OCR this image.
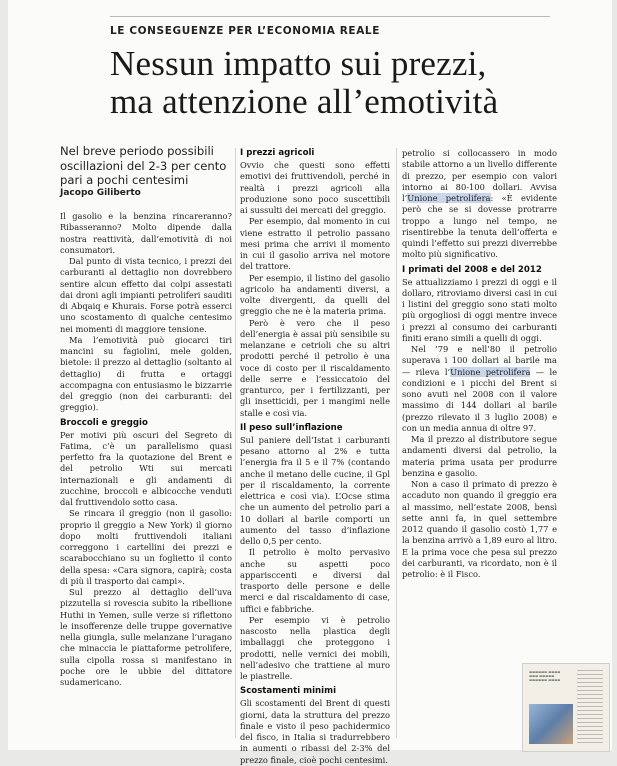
LE CONSEGUENZE PER L’ECONOMIA REALE
Nessun impatto sui prezzi,
ma attenzione all’emotività
Nel breve periodo possibili oscillazioni del 2-3 per cento pari a pochi centesimi
Jacopo Giliberto

Il gasolio e la benzina rincareranno? Ribasseranno? Molto dipende dalla nostra reattività, dall’emotività di noi consumatori.

Dal punto di vista tecnico, i prezzi dei carburanti al dettaglio non dovrebbero sentire alcun effetto dai colpi assestati dai droni agli impianti petroliferi sauditi di Abqaiq e Khurais. Forse potrà esserci uno scostamento di qualche centesimo nei momenti di maggiore tensione.

Ma l’emotività può giocarci tiri mancini su fagiolini, mele golden, bietole: il prezzo al dettaglio (soltanto al dettaglio) di frutta e ortaggi accompagna con entusiasmo le bizzarrie del greggio (non dei carburanti: del greggio).

Broccoli e greggio

Per motivi più oscuri del Segreto di Fatima, c’è un parallelismo quasi perfetto fra la quotazione del Brent e del petrolio Wti sui mercati internazionali e gli andamenti di zucchine, broccoli e albicocche venduti dal fruttivendolo sotto casa.

Se rincara il greggio (non il gasolio: proprio il greggio a New York) il giorno dopo molti fruttivendoli italiani correggono i cartellini dei prezzi e scarabocchiano su un foglietto il conto della spesa: «Cara signora, capirà; costa di più il trasporto dai campi».

Sul prezzo al dettaglio dell’uva pizzutella si rovescia subito la ribellione Huthi in Yemen, sulle verze si riflettono le insofferenze delle truppe governative nella giungla, sulle melanzane l’uragano che minaccia le piattaforme petrolifere, sulla cipolla rossa si manifestano in poche ore le ubbie del dittatore sudamericano.

I prezzi agricoli

Ovvio che questi sono effetti emotivi dei fruttivendoli, perché in realtà i prezzi agricoli alla produzione sono poco suscettibili ai sussulti dei mercati del greggio.

Per esempio, dal momento in cui viene estratto il petrolio passano mesi prima che arrivi il momento in cui il gasolio arriva nel motore del trattore.

Per esempio, il listino del gasolio agricolo ha andamenti diversi, a volte divergenti, da quelli del greggio che ne è la materia prima.

Però è vero che il peso dell’energia è assai più sensibile su melanzane e cetrioli che su altri prodotti perché il petrolio è una voce di costo per il riscaldamento delle serre e l’essiccatoio del granturco, per i fertilizzanti, per gli insetticidi, per i mangimi nelle stalle e così via.

Il peso sull’inflazione

Sul paniere dell’Istat i carburanti pesano attorno al 2% e tutta l’energia fra il 5 e il 7% (contando anche il metano delle cucine, il Gpl per il riscaldamento, la corrente elettrica e così via). L’Ocse stima che un aumento del petrolio pari a 10 dollari al barile comporti un aumento del tasso d’inflazione dello 0,5 per cento.

Il petrolio è molto pervasivo anche su aspetti poco apparisccenti e diversi dal trasporto delle persone e delle merci e dal riscaldamento di case, uffici e fabbriche.

Per esempio vi è petrolio nascosto nella plastica degli imballaggi che proteggono i prodotti, nelle vernici dei mobili, nell’adesivo che trattiene al muro le piastrelle.

Scostamenti minimi

Gli scostamenti del Brent di questi giorni, data la struttura del prezzo finale e visto il peso pachidermico del fisco, in Italia si tradurrebbero in aumenti o ribassi del 2-3% del prezzo finale, cioè pochi centesimi.

petrolio si collocassero in modo stabile attorno a un livello differente di prezzo, per esempio con valori intorno ai 80-100 dollari. Avvisa l’Unione petrolifera: «È evidente però che se si dovesse protrarre troppo a lungo nel tempo, ne risentirebbe la tenuta dell’offerta e quindi l’effetto sui prezzi diverrebbe molto più significativo.

I primati del 2008 e del 2012

Se attualizziamo i prezzi di oggi e il dollaro, ritroviamo diversi casi in cui i listini del greggio sono stati molto più orgogliosi di oggi mentre invece i prezzi al consumo dei carburanti finiti erano simili a quelli di oggi.

Nel ’79 e nell’80 il petrolio superava i 100 dollari al barile ma — rileva l’Unione petrolifera — le condizioni e i picchi del Brent si sono avuti nel 2008 con il valore massimo di 144 dollari al barile (prezzo rilevato il 3 luglio 2008) e con un media annua di oltre 97.

Ma il prezzo al distributore segue andamenti diversi dal petrolio, la materia prima usata per produrre benzina e gasolio.

Non a caso il primato di prezzo è accaduto non quando il greggio era al massimo, nell’estate 2008, bensì sette anni fa, in quel settembre 2012 quando il gasolio costò 1,77 e la benzina arrivò a 1,89 euro al litro. E la prima voce che pesa sul prezzo dei carburanti, va ricordato, non è il petrolio: è il Fisco.

▬▬▬▬▬▬ ▬▬▬▬ ▬▬▬ ▬▬▬▬▬ ▬▬▬▬▬▬ ▬▬▬▬
